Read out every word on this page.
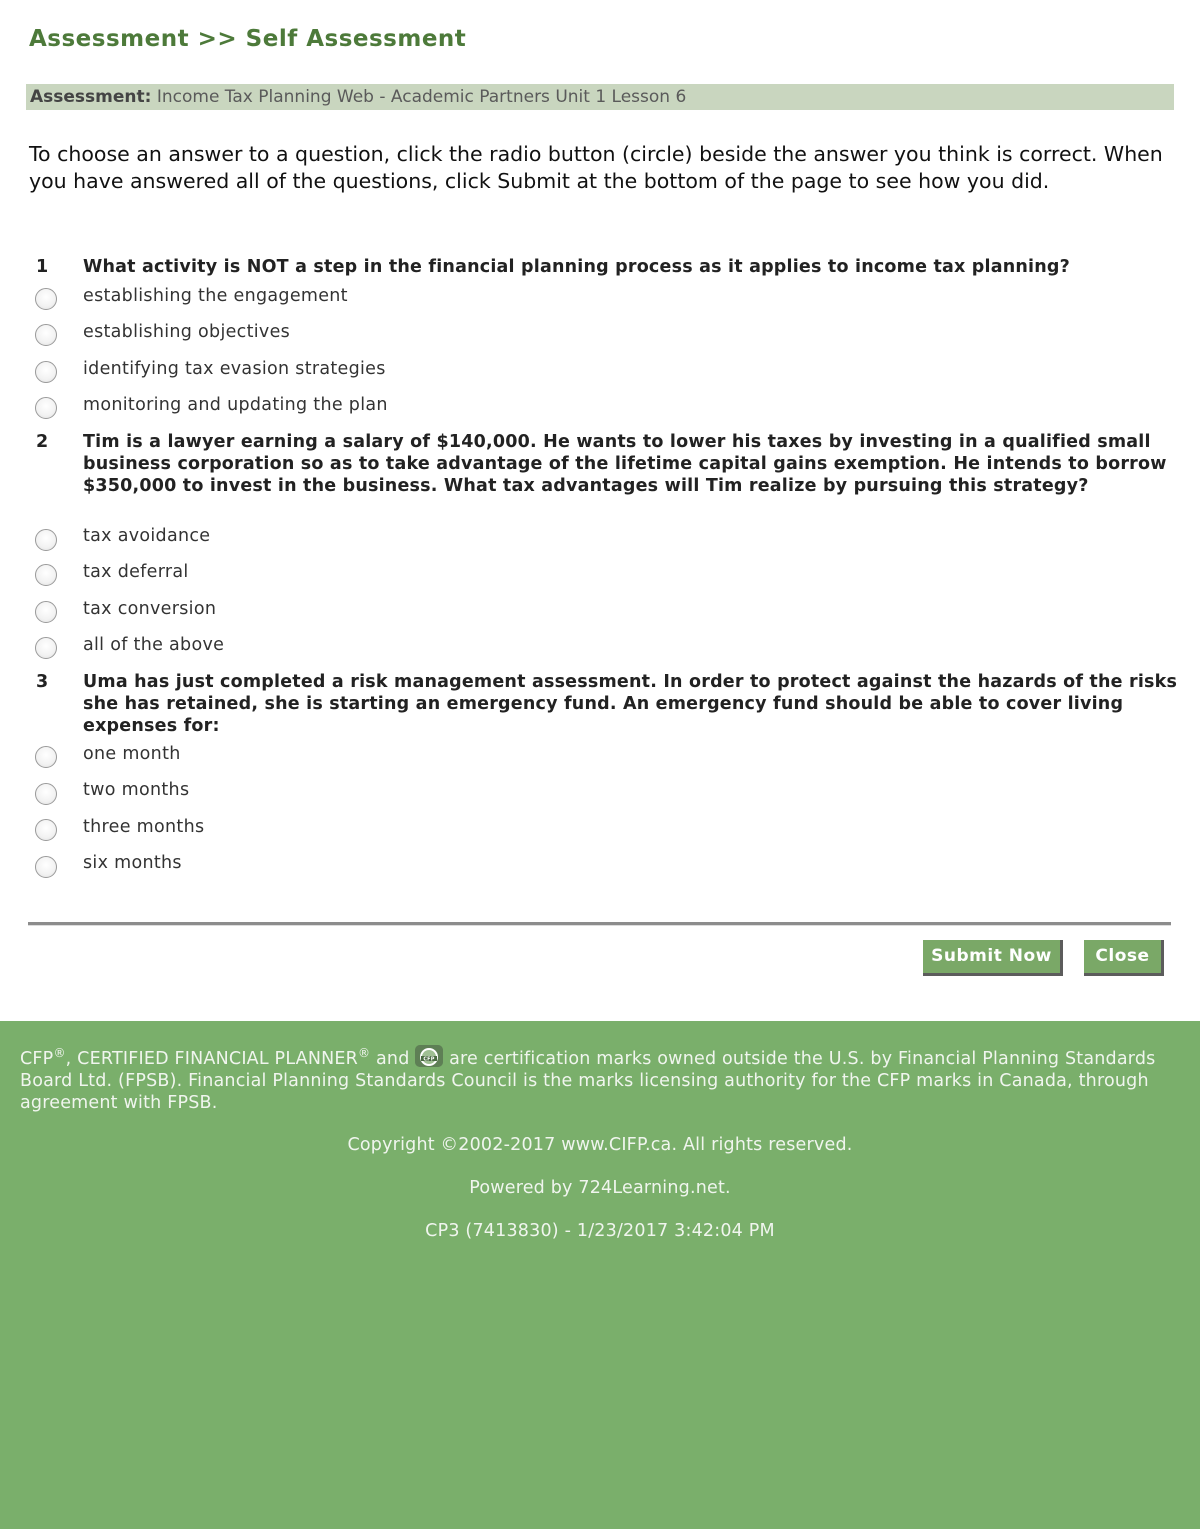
Assessment >> Self Assessment
Assessment: Income Tax Planning Web - Academic Partners Unit 1 Lesson 6
To choose an answer to a question, click the radio button (circle) beside the answer you think is correct. When you have answered all of the questions, click Submit at the bottom of the page to see how you did.
1	What activity is NOT a step in the financial planning process as it applies to income tax planning?
establishing the engagement
establishing objectives
identifying tax evasion strategies
monitoring and updating the plan
2	Tim is a lawyer earning a salary of $140,000. He wants to lower his taxes by investing in a qualified small business corporation so as to take advantage of the lifetime capital gains exemption. He intends to borrow $350,000 to invest in the business. What tax advantages will Tim realize by pursuing this strategy?
tax avoidance
tax deferral
tax conversion
all of the above
3	Uma has just completed a risk management assessment. In order to protect against the hazards of the risks she has retained, she is starting an emergency fund. An emergency fund should be able to cover living expenses for:
one month
two months
three months
six months
Submit Now	Close
CFP®, CERTIFIED FINANCIAL PLANNER® and CFP are certification marks owned outside the U.S. by Financial Planning Standards Board Ltd. (FPSB). Financial Planning Standards Council is the marks licensing authority for the CFP marks in Canada, through agreement with FPSB.
Copyright ©2002-2017 www.CIFP.ca. All rights reserved.
Powered by 724Learning.net.
CP3 (7413830) - 1/23/2017 3:42:04 PM
